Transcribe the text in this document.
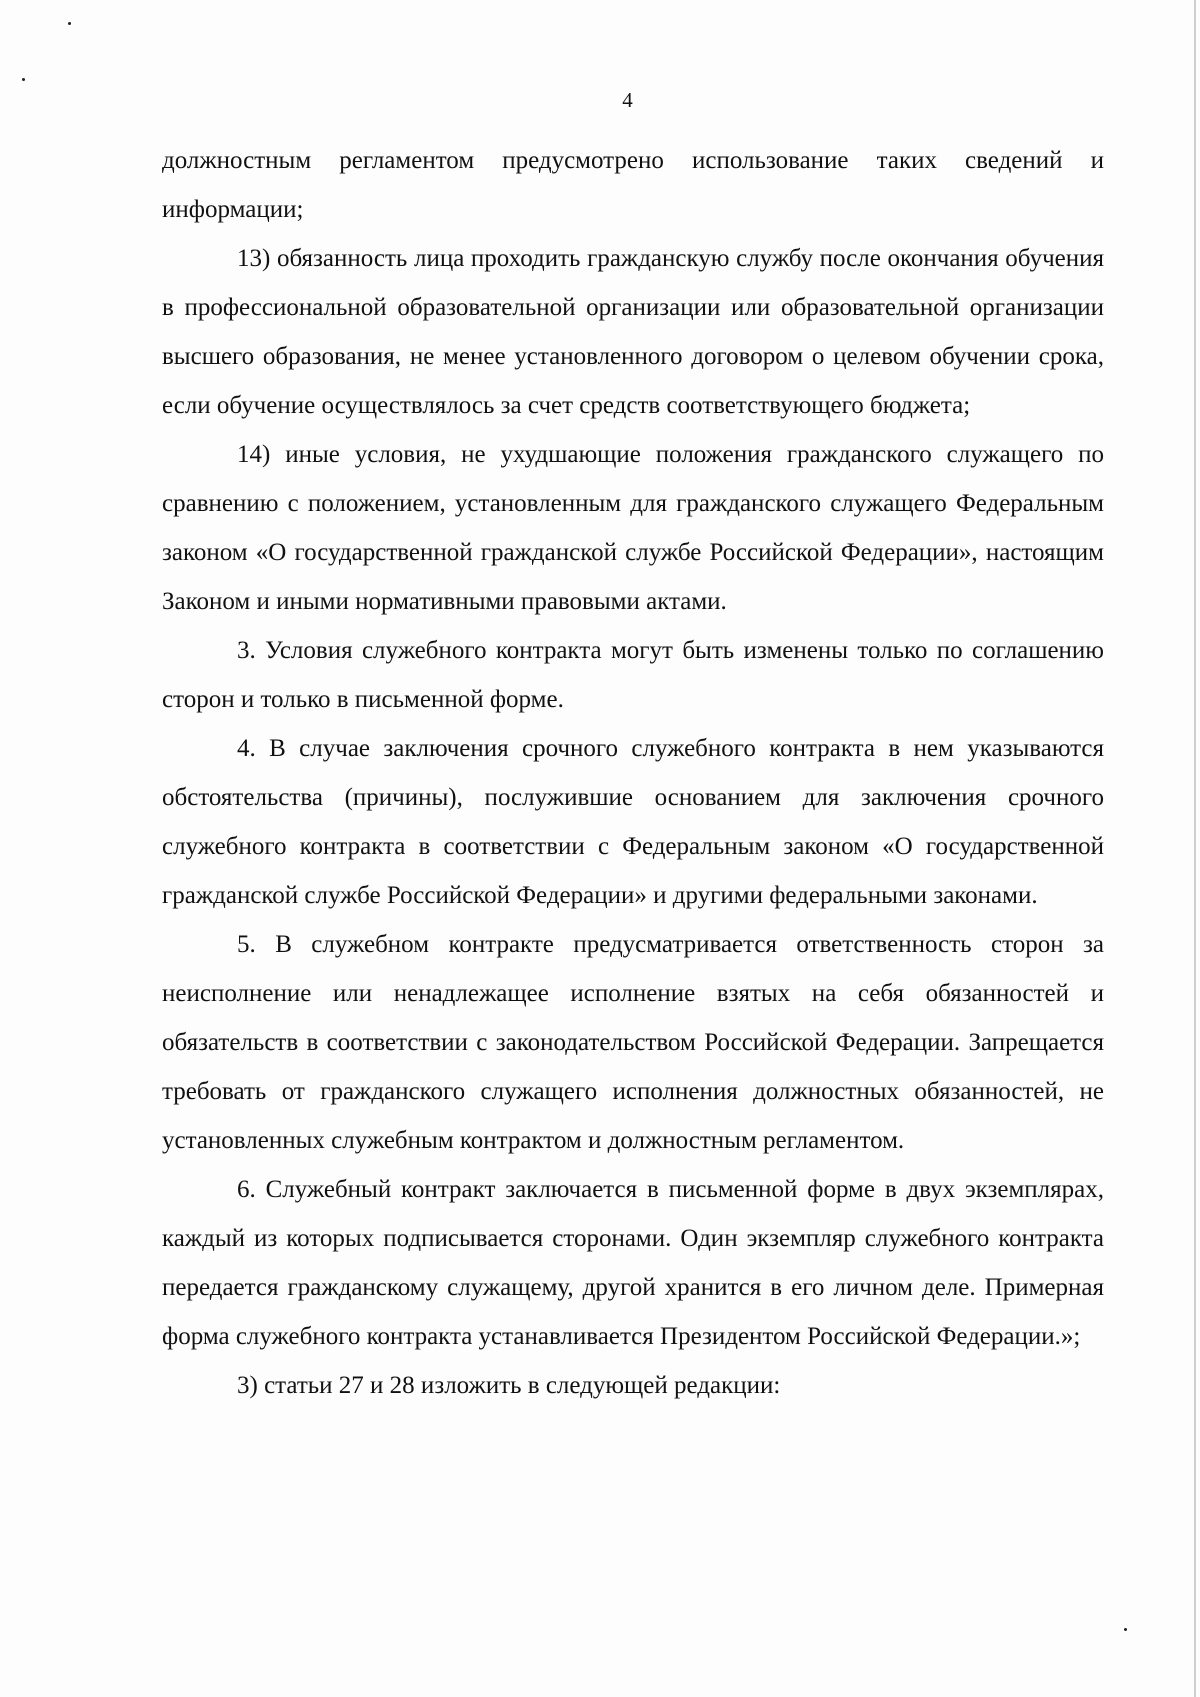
4

должностным регламентом предусмотрено использование таких сведений и информации;

13) обязанность лица проходить гражданскую службу после окончания обучения в профессиональной образовательной организации или образовательной организации высшего образования, не менее установленного договором о целевом обучении срока, если обучение осуществлялось за счет средств соответствующего бюджета;

14) иные условия, не ухудшающие положения гражданского служащего по сравнению с положением, установленным для гражданского служащего Федеральным законом «О государственной гражданской службе Российской Федерации», настоящим Законом и иными нормативными правовыми актами.

3. Условия служебного контракта могут быть изменены только по соглашению сторон и только в письменной форме.

4. В случае заключения срочного служебного контракта в нем указываются обстоятельства (причины), послужившие основанием для заключения срочного служебного контракта в соответствии с Федеральным законом «О государственной гражданской службе Российской Федерации» и другими федеральными законами.

5. В служебном контракте предусматривается ответственность сторон за неисполнение или ненадлежащее исполнение взятых на себя обязанностей и обязательств в соответствии с законодательством Российской Федерации. Запрещается требовать от гражданского служащего исполнения должностных обязанностей, не установленных служебным контрактом и должностным регламентом.

6. Служебный контракт заключается в письменной форме в двух экземплярах, каждый из которых подписывается сторонами. Один экземпляр служебного контракта передается гражданскому служащему, другой хранится в его личном деле. Примерная форма служебного контракта устанавливается Президентом Российской Федерации.»;

3) статьи 27 и 28 изложить в следующей редакции:
